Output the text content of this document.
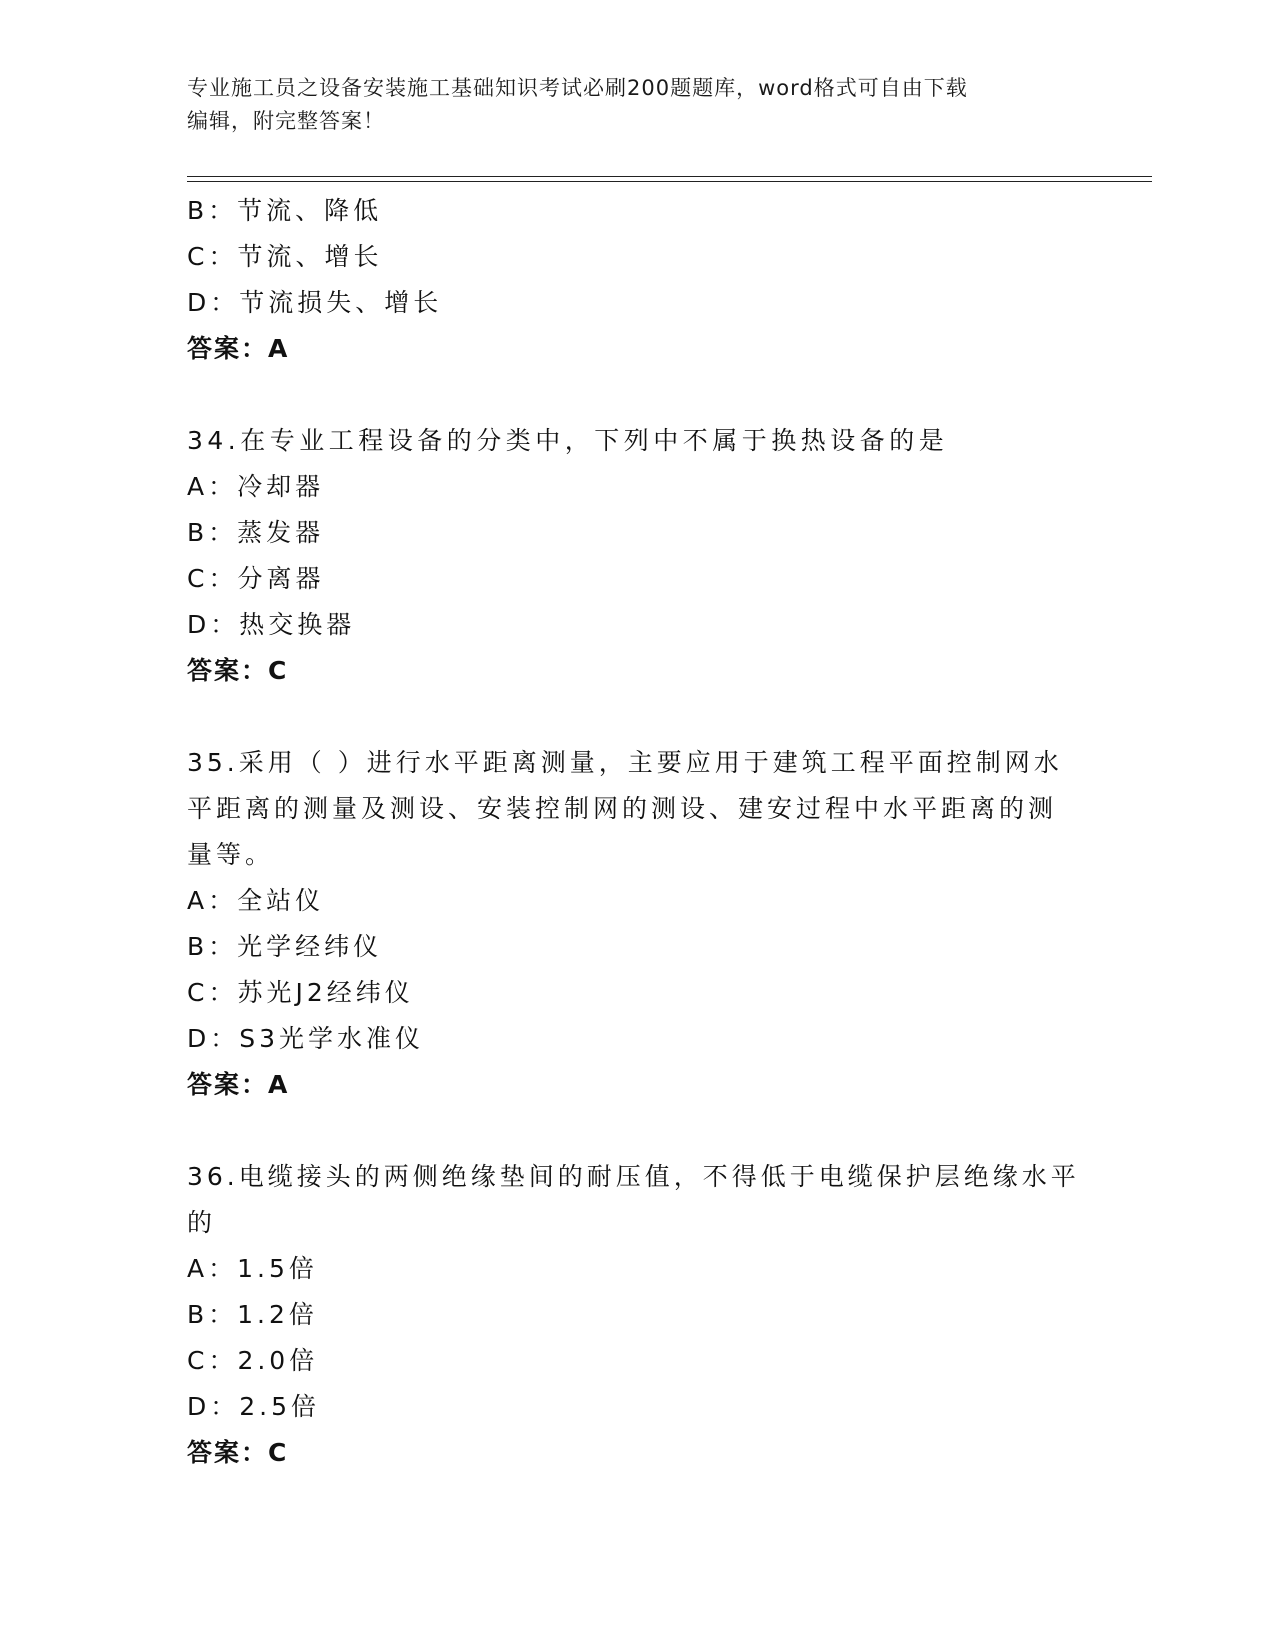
专业施工员之设备安装施工基础知识考试必刷200题题库，word格式可自由下载
编辑，附完整答案！
B：节流、降低
C：节流、增长
D：节流损失、增长
答案：A
34.在专业工程设备的分类中，下列中不属于换热设备的是
A：冷却器
B：蒸发器
C：分离器
D：热交换器
答案：C
35.采用（ ）进行水平距离测量，主要应用于建筑工程平面控制网水
平距离的测量及测设、安装控制网的测设、建安过程中水平距离的测
量等。
A：全站仪
B：光学经纬仪
C：苏光J2经纬仪
D：S3光学水准仪
答案：A
36.电缆接头的两侧绝缘垫间的耐压值，不得低于电缆保护层绝缘水平
的
A：1.5倍
B：1.2倍
C：2.0倍
D：2.5倍
答案：C
